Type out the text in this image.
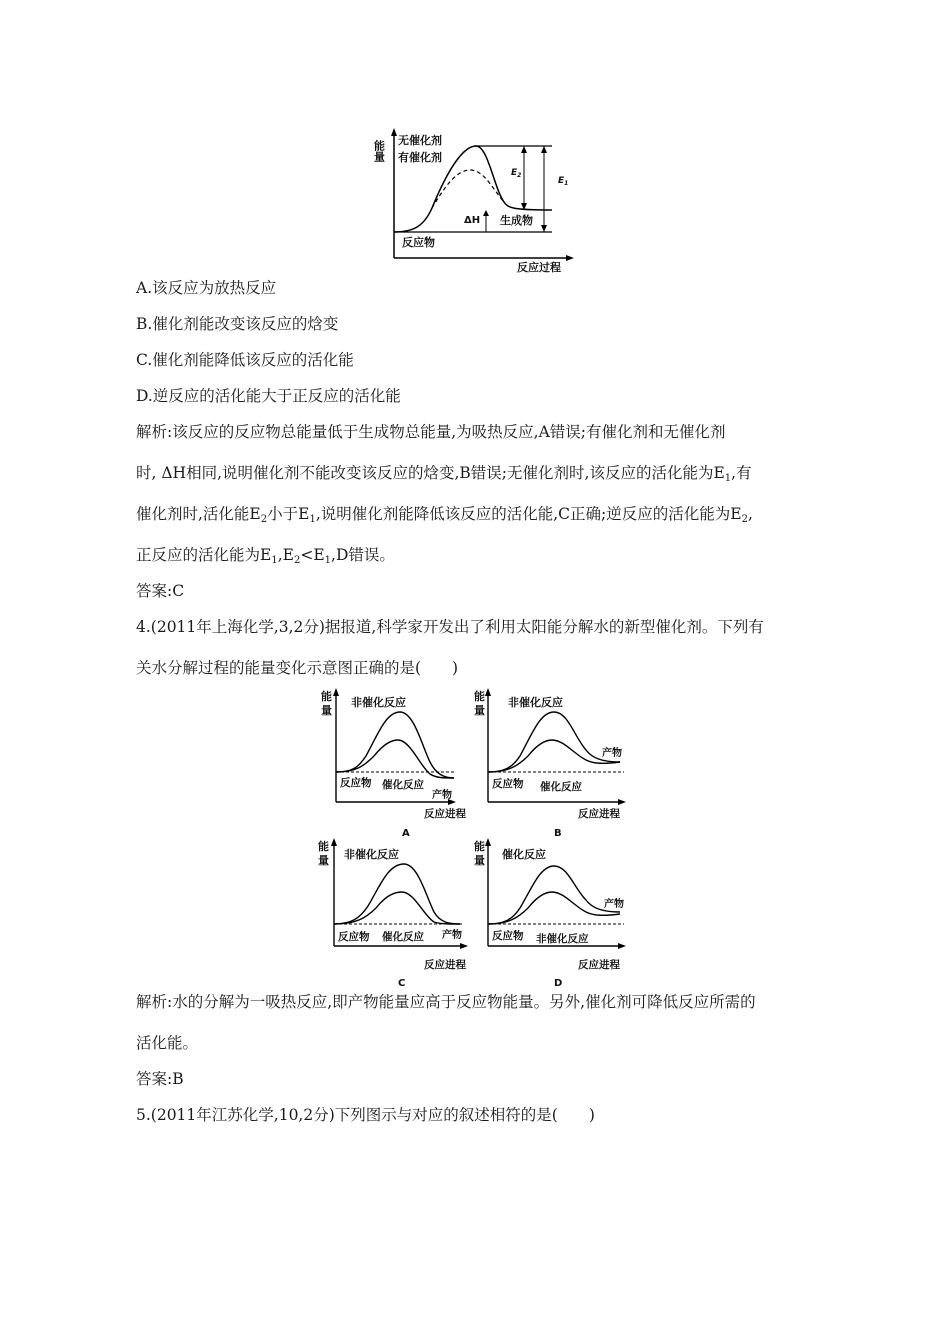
能量
反应过程
无催化剂
有催化剂
$E_2$
$E_1$
ΔH 生成物
反应物
A.该反应为放热反应
B.催化剂能改变该反应的焓变
C.催化剂能降低该反应的活化能
D.逆反应的活化能大于正反应的活化能
解析:该反应的反应物总能量低于生成物总能量,为吸热反应,A错误;有催化剂和无催化剂
时, ΔH相同,说明催化剂不能改变该反应的焓变,B错误;无催化剂时,该反应的活化能为$E_1$,有
催化剂时,活化能$E_2$小于$E_1$,说明催化剂能降低该反应的活化能,C正确;逆反应的活化能为$E_2$,
正反应的活化能为$E_1,E_2<E_1,D$错误。
答案:C
4.(2011年上海化学,3,2分)据报道,科学家开发出了利用太阳能分解水的新型催化剂。下列有
关水分解过程的能量变化示意图正确的是(　　)
能
量
非催化反应
反应物 催化反应
产物
反应进程
A
能
量
非催化反应
反应物 催化反应
产物
反应进程
B
能
量 非催化反应
反应物 催化反应 产物
反应进程
C
能
量 催化反应
反应物 非催化反应
产物
反应进程
D
解析:水的分解为一吸热反应,即产物能量应高于反应物能量。另外,催化剂可降低反应所需的
活化能。
答案:B
5.(2011年江苏化学,10,2分)下列图示与对应的叙述相符的是(　　)
